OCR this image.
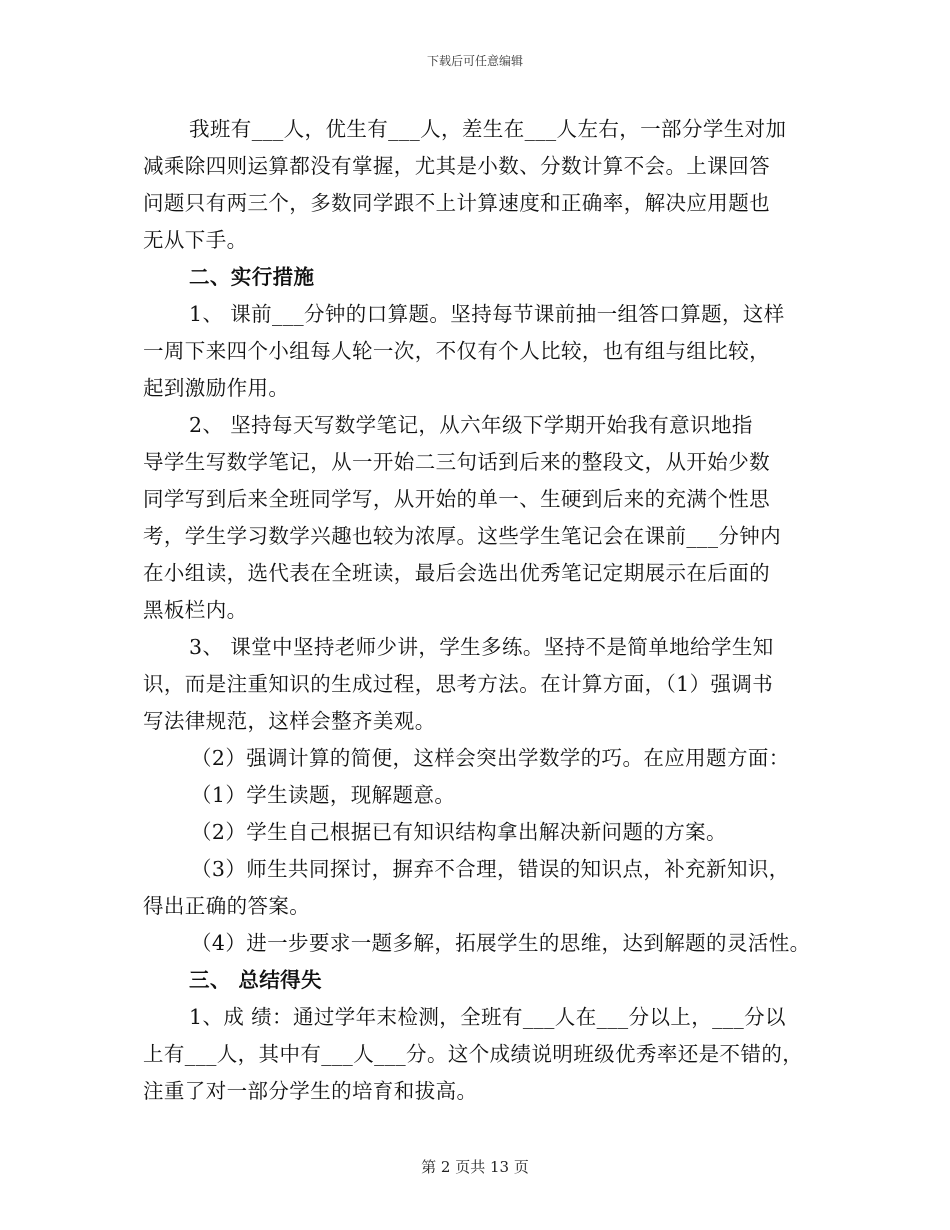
下载后可任意编辑
我班有___人，优生有___人，差生在___人左右，一部分学生对加
减乘除四则运算都没有掌握，尤其是小数、分数计算不会。上课回答
问题只有两三个，多数同学跟不上计算速度和正确率，解决应用题也
无从下手。
二、实行措施
1、 课前___分钟的口算题。坚持每节课前抽一组答口算题，这样
一周下来四个小组每人轮一次，不仅有个人比较，也有组与组比较，
起到激励作用。
2、 坚持每天写数学笔记，从六年级下学期开始我有意识地指
导学生写数学笔记，从一开始二三句话到后来的整段文，从开始少数
同学写到后来全班同学写，从开始的单一、生硬到后来的充满个性思
考，学生学习数学兴趣也较为浓厚。这些学生笔记会在课前___分钟内
在小组读，选代表在全班读，最后会选出优秀笔记定期展示在后面的
黑板栏内。
3、 课堂中坚持老师少讲，学生多练。坚持不是简单地给学生知
识，而是注重知识的生成过程，思考方法。在计算方面，（1）强调书
写法律规范，这样会整齐美观。
（2）强调计算的简便，这样会突出学数学的巧。在应用题方面：
（1）学生读题，现解题意。
（2）学生自己根据已有知识结构拿出解决新问题的方案。
（3）师生共同探讨，摒弃不合理，错误的知识点，补充新知识，
得出正确的答案。
（4）进一步要求一题多解，拓展学生的思维，达到解题的灵活性。
三、 总结得失
1、成 绩：通过学年末检测，全班有___人在___分以上，___分以
上有___人，其中有___人___分。这个成绩说明班级优秀率还是不错的，
注重了对一部分学生的培育和拔高。
第 2 页共 13 页
